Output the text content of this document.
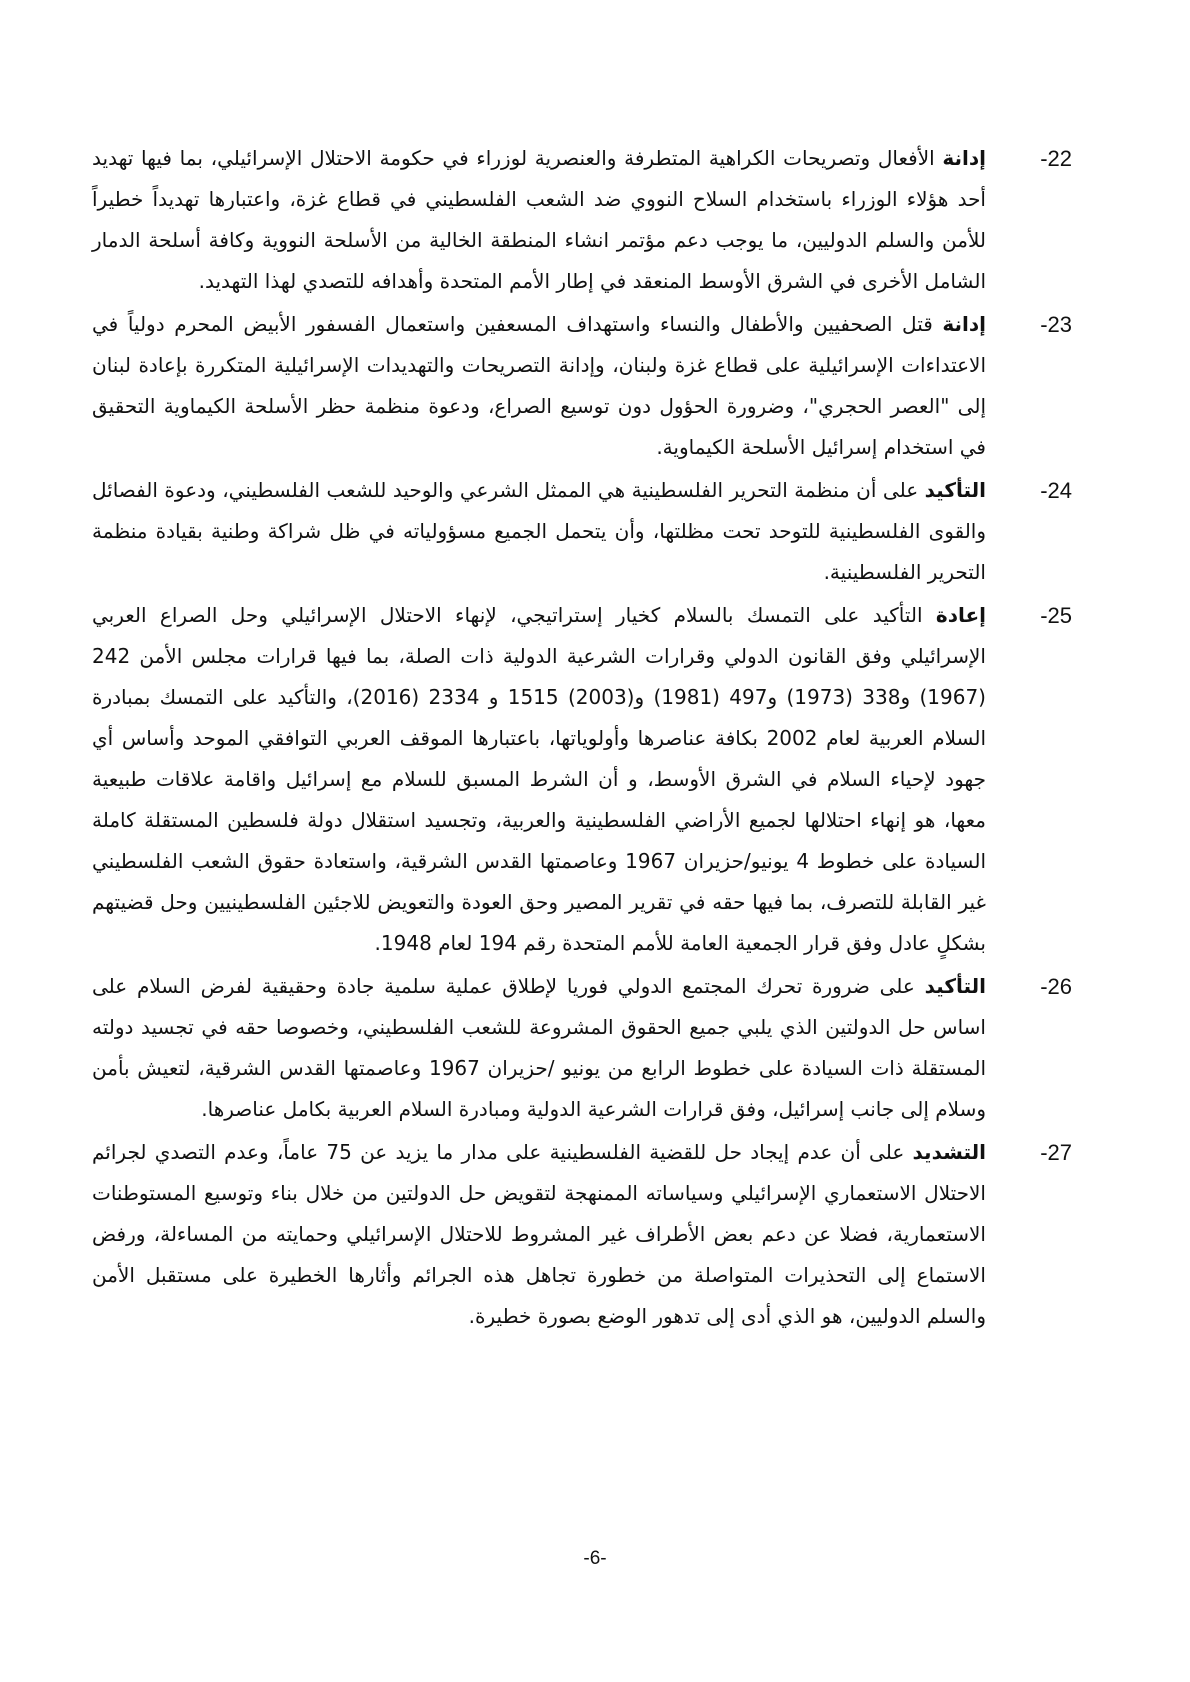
-22
إدانة الأفعال وتصريحات الكراهية المتطرفة والعنصرية لوزراء في حكومة الاحتلال الإسرائيلي، بما فيها تهديد أحد هؤلاء الوزراء باستخدام السلاح النووي ضد الشعب الفلسطيني في قطاع غزة، واعتبارها تهديداً خطيراً للأمن والسلم الدوليين، ما يوجب دعم مؤتمر انشاء المنطقة الخالية من الأسلحة النووية وكافة أسلحة الدمار الشامل الأخرى في الشرق الأوسط المنعقد في إطار الأمم المتحدة وأهدافه للتصدي لهذا التهديد.
-23
إدانة قتل الصحفيين والأطفال والنساء واستهداف المسعفين واستعمال الفسفور الأبيض المحرم دولياً في الاعتداءات الإسرائيلية على قطاع غزة ولبنان، وإدانة التصريحات والتهديدات الإسرائيلية المتكررة بإعادة لبنان إلى "العصر الحجري"، وضرورة الحؤول دون توسيع الصراع، ودعوة منظمة حظر الأسلحة الكيماوية التحقيق في استخدام إسرائيل الأسلحة الكيماوية.
-24
التأكيد على أن منظمة التحرير الفلسطينية هي الممثل الشرعي والوحيد للشعب الفلسطيني، ودعوة الفصائل والقوى الفلسطينية للتوحد تحت مظلتها، وأن يتحمل الجميع مسؤولياته في ظل شراكة وطنية بقيادة منظمة التحرير الفلسطينية.
-25
إعادة التأكيد على التمسك بالسلام كخيار إستراتيجي، لإنهاء الاحتلال الإسرائيلي وحل الصراع العربي الإسرائيلي وفق القانون الدولي وقرارات الشرعية الدولية ذات الصلة، بما فيها قرارات مجلس الأمن 242 (1967) و338 (1973) و497 (1981) و(2003) 1515 و 2334 (2016)، والتأكيد على التمسك بمبادرة السلام العربية لعام 2002 بكافة عناصرها وأولوياتها، باعتبارها الموقف العربي التوافقي الموحد وأساس أي جهود لإحياء السلام في الشرق الأوسط، و أن الشرط المسبق للسلام مع إسرائيل واقامة علاقات طبيعية معها، هو إنهاء احتلالها لجميع الأراضي الفلسطينية والعربية، وتجسيد استقلال دولة فلسطين المستقلة كاملة السيادة على خطوط 4 يونيو/حزيران 1967 وعاصمتها القدس الشرقية، واستعادة حقوق الشعب الفلسطيني غير القابلة للتصرف، بما فيها حقه في تقرير المصير وحق العودة والتعويض للاجئين الفلسطينيين وحل قضيتهم بشكلٍ عادل وفق قرار الجمعية العامة للأمم المتحدة رقم 194 لعام 1948.
-26
التأكيد على ضرورة تحرك المجتمع الدولي فوريا لإطلاق عملية سلمية جادة وحقيقية لفرض السلام على اساس حل الدولتين الذي يلبي جميع الحقوق المشروعة للشعب الفلسطيني، وخصوصا حقه في تجسيد دولته المستقلة ذات السيادة على خطوط الرابع من يونيو /حزيران 1967 وعاصمتها القدس الشرقية، لتعيش بأمن وسلام إلى جانب إسرائيل، وفق قرارات الشرعية الدولية ومبادرة السلام العربية بكامل عناصرها.
-27
التشديد على أن عدم إيجاد حل للقضية الفلسطينية على مدار ما يزيد عن 75 عاماً، وعدم التصدي لجرائم الاحتلال الاستعماري الإسرائيلي وسياساته الممنهجة لتقويض حل الدولتين من خلال بناء وتوسيع المستوطنات الاستعمارية، فضلا عن دعم بعض الأطراف غير المشروط للاحتلال الإسرائيلي وحمايته من المساءلة، ورفض الاستماع إلى التحذيرات المتواصلة من خطورة تجاهل هذه الجرائم وأثارها الخطيرة على مستقبل الأمن والسلم الدوليين، هو الذي أدى إلى تدهور الوضع بصورة خطيرة.
-6-
